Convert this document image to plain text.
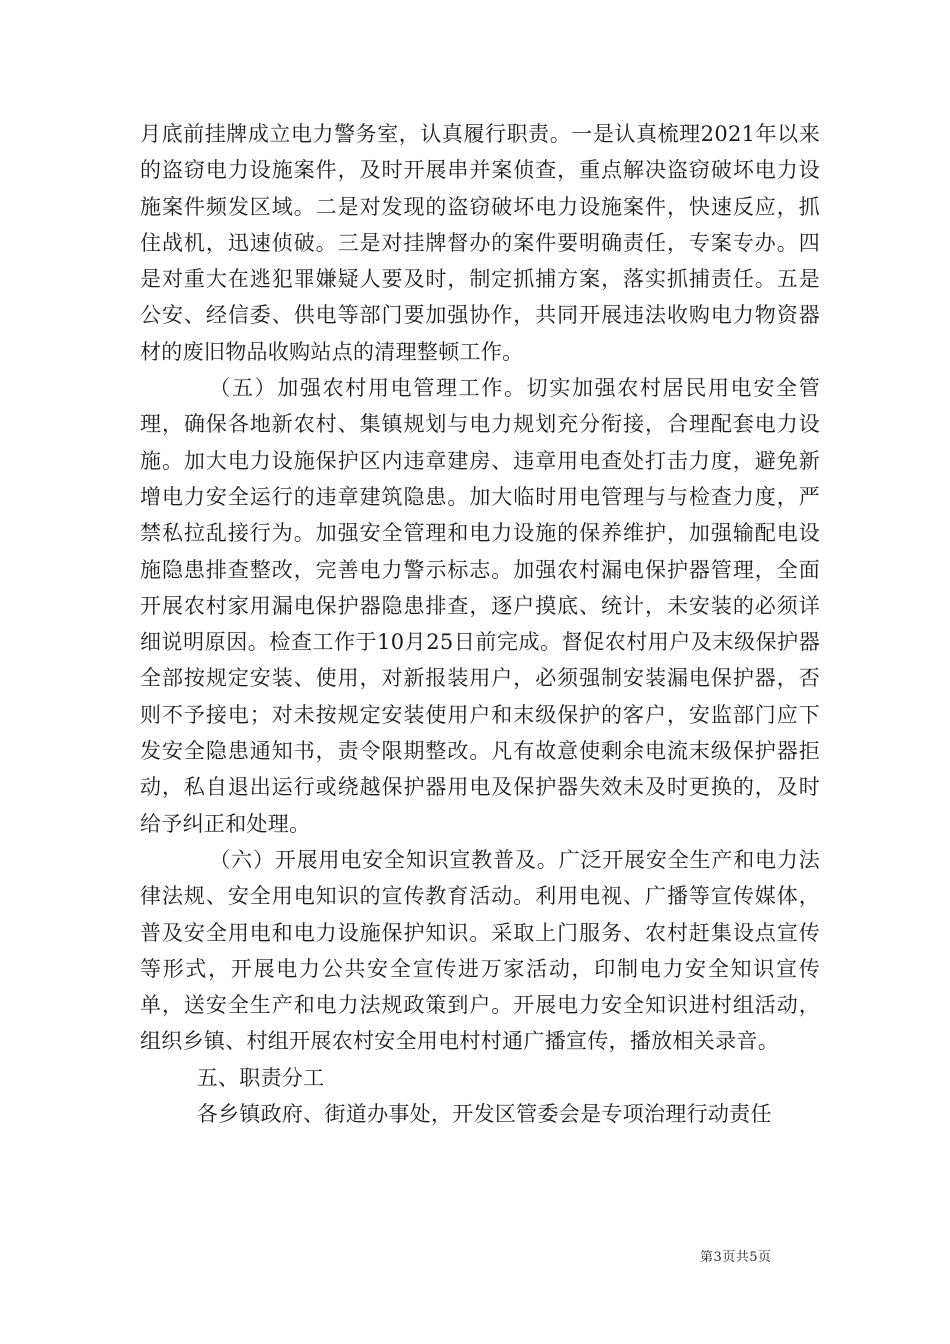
月底前挂牌成立电力警务室，认真履行职责。一是认真梳理2021年以来的盗窃电力设施案件，及时开展串并案侦查，重点解决盗窃破坏电力设施案件频发区域。二是对发现的盗窃破坏电力设施案件，快速反应，抓住战机，迅速侦破。三是对挂牌督办的案件要明确责任，专案专办。四是对重大在逃犯罪嫌疑人要及时，制定抓捕方案，落实抓捕责任。五是公安、经信委、供电等部门要加强协作，共同开展违法收购电力物资器材的废旧物品收购站点的清理整顿工作。

（五）加强农村用电管理工作。切实加强农村居民用电安全管理，确保各地新农村、集镇规划与电力规划充分衔接，合理配套电力设施。加大电力设施保护区内违章建房、违章用电查处打击力度，避免新增电力安全运行的违章建筑隐患。加大临时用电管理与与检查力度，严禁私拉乱接行为。加强安全管理和电力设施的保养维护，加强输配电设施隐患排查整改，完善电力警示标志。加强农村漏电保护器管理，全面开展农村家用漏电保护器隐患排查，逐户摸底、统计，未安装的必须详细说明原因。检查工作于10月25日前完成。督促农村用户及末级保护器全部按规定安装、使用，对新报装用户，必须强制安装漏电保护器，否则不予接电；对未按规定安装使用户和末级保护的客户，安监部门应下发安全隐患通知书，责令限期整改。凡有故意使剩余电流末级保护器拒动，私自退出运行或绕越保护器用电及保护器失效未及时更换的，及时给予纠正和处理。

（六）开展用电安全知识宣教普及。广泛开展安全生产和电力法律法规、安全用电知识的宣传教育活动。利用电视、广播等宣传媒体，普及安全用电和电力设施保护知识。采取上门服务、农村赶集设点宣传等形式，开展电力公共安全宣传进万家活动，印制电力安全知识宣传单，送安全生产和电力法规政策到户。开展电力安全知识进村组活动，组织乡镇、村组开展农村安全用电村村通广播宣传，播放相关录音。

五、职责分工

各乡镇政府、街道办事处，开发区管委会是专项治理行动责任

第3页共5页
